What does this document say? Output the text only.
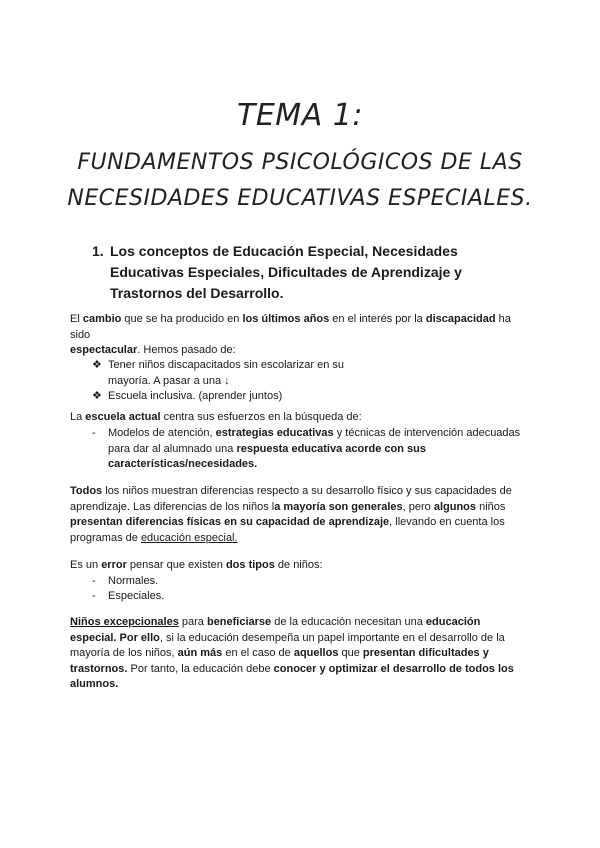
TEMA 1:
FUNDAMENTOS PSICOLÓGICOS DE LAS
NECESIDADES EDUCATIVAS ESPECIALES.
1. Los conceptos de Educación Especial, Necesidades
Educativas Especiales, Dificultades de Aprendizaje y
Trastornos del Desarrollo.
El cambio que se ha producido en los últimos años en el interés por la discapacidad ha
sido
espectacular. Hemos pasado de:
❖ Tener niños discapacitados sin escolarizar en su
mayoría. A pasar a una ↓
❖ Escuela inclusiva. (aprender juntos)
La escuela actual centra sus esfuerzos en la búsqueda de:
- Modelos de atención, estrategias educativas y técnicas de intervención adecuadas
para dar al alumnado una respuesta educativa acorde con sus
características/necesidades.
Todos los niños muestran diferencias respecto a su desarrollo físico y sus capacidades de
aprendizaje. Las diferencias de los niños la mayoría son generales, pero algunos niños
presentan diferencias físicas en su capacidad de aprendizaje, llevando en cuenta los
programas de educación especial.
Es un error pensar que existen dos tipos de niños:
- Normales.
- Especiales.
Niños excepcionales para beneficiarse de la educación necesitan una educación
especial. Por ello, si la educación desempeña un papel importante en el desarrollo de la
mayoría de los niños, aún más en el caso de aquellos que presentan dificultades y
trastornos. Por tanto, la educación debe conocer y optimizar el desarrollo de todos los
alumnos.
